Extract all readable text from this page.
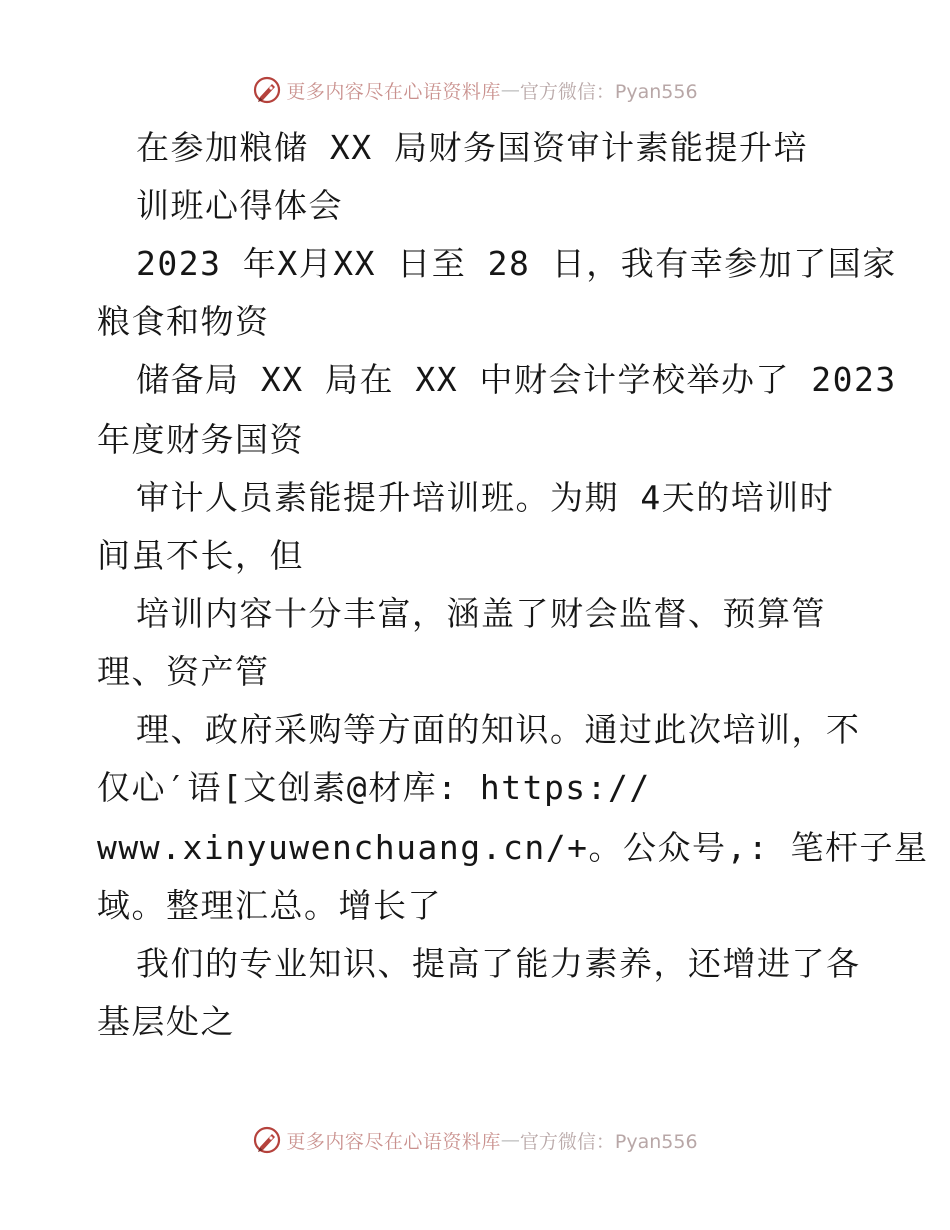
更多内容尽在心语资料库 — 官方微信：Pyan556
在参加粮储 XX 局财务国资审计素能提升培
训班心得体会
2023 年X月XX 日至 28 日，我有幸参加了国家
粮食和物资
储备局 XX 局在 XX 中财会计学校举办了 2023
年度财务国资
审计人员素能提升培训班。为期 4天的培训时
间虽不长，但
培训内容十分丰富，涵盖了财会监督、预算管
理、资产管
理、政府采购等方面的知识。通过此次培训，不
仅心′语[文创素@材库: https://
www.xinyuwenchuang.cn/+。公众号,: 笔杆子星
域。整理汇总。增长了
我们的专业知识、提高了能力素养，还增进了各
基层处之
更多内容尽在心语资料库 — 官方微信：Pyan556
